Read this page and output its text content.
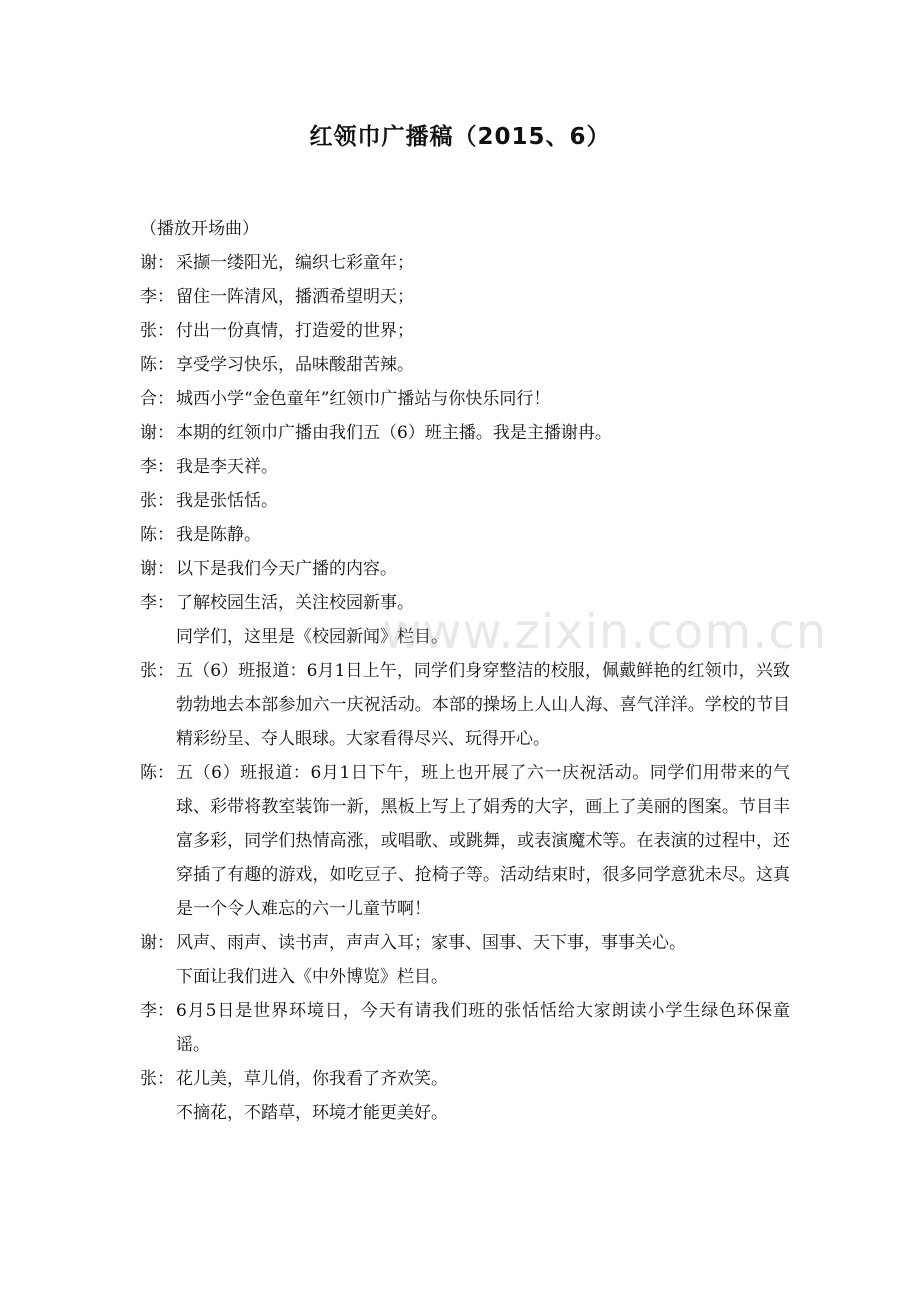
红领巾广播稿（2015、6）

（播放开场曲）

谢： 采撷一缕阳光，编织七彩童年；
李： 留住一阵清风，播洒希望明天；
张： 付出一份真情，打造爱的世界；
陈： 享受学习快乐，品味酸甜苦辣。
合： 城西小学“金色童年”红领巾广播站与你快乐同行！
谢： 本期的红领巾广播由我们五（6）班主播。我是主播谢冉。
李： 我是李天祥。
张： 我是张恬恬。
陈： 我是陈静。
谢： 以下是我们今天广播的内容。
李： 了解校园生活，关注校园新事。

同学们，这里是《校园新闻》栏目。

张： 五（6）班报道：6月1日上午，同学们身穿整洁的校服，佩戴鲜艳的红领巾，兴致勃勃地去本部参加六一庆祝活动。本部的操场上人山人海、喜气洋洋。学校的节目精彩纷呈、夺人眼球。大家看得尽兴、玩得开心。
陈： 五（6）班报道：6月1日下午，班上也开展了六一庆祝活动。同学们用带来的气球、彩带将教室装饰一新，黑板上写上了娟秀的大字，画上了美丽的图案。节目丰富多彩，同学们热情高涨，或唱歌、或跳舞，或表演魔术等。在表演的过程中，还穿插了有趣的游戏，如吃豆子、抢椅子等。活动结束时，很多同学意犹未尽。这真是一个令人难忘的六一儿童节啊！
谢： 风声、雨声、读书声，声声入耳；家事、国事、天下事，事事关心。

下面让我们进入《中外博览》栏目。

李： 6月5日是世界环境日，今天有请我们班的张恬恬给大家朗读小学生绿色环保童谣。
张： 花儿美，草儿俏，你我看了齐欢笑。

不摘花，不踏草，环境才能更美好。

www.zixin.com.cn
